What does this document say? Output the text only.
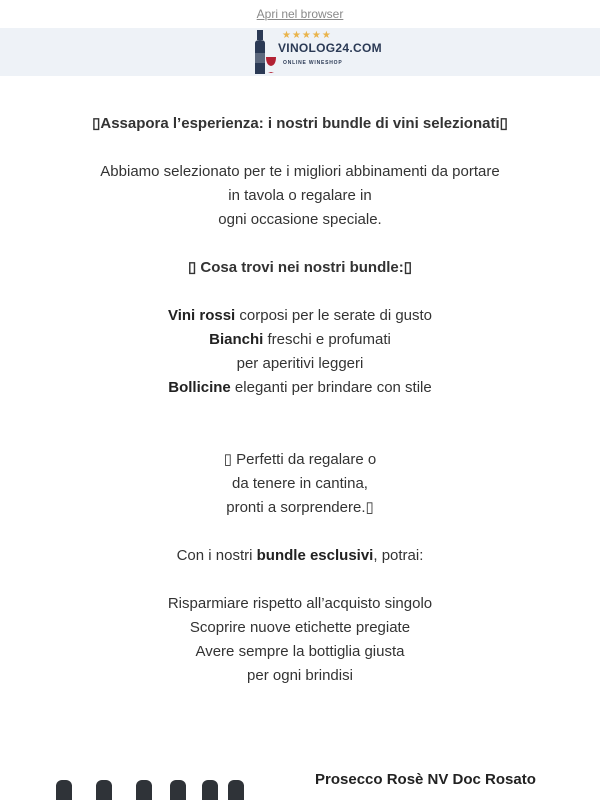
Apri nel browser
★★★★★
VINOLOG24.COM
ONLINE WINESHOP
▯Assapora l’esperienza: i nostri bundle di vini selezionati▯
Abbiamo selezionato per te i migliori abbinamenti da portare
in tavola o regalare in
ogni occasione speciale.
▯ Cosa trovi nei nostri bundle:▯
Vini rossi corposi per le serate di gusto
Bianchi freschi e profumati
per aperitivi leggeri
Bollicine eleganti per brindare con stile
▯ Perfetti da regalare o
da tenere in cantina,
pronti a sorprendere.▯
Con i nostri bundle esclusivi, potrai:
Risparmiare rispetto all’acquisto singolo
Scoprire nuove etichette pregiate
Avere sempre la bottiglia giusta
per ogni brindisi
Prosecco Rosè NV Doc Rosato
